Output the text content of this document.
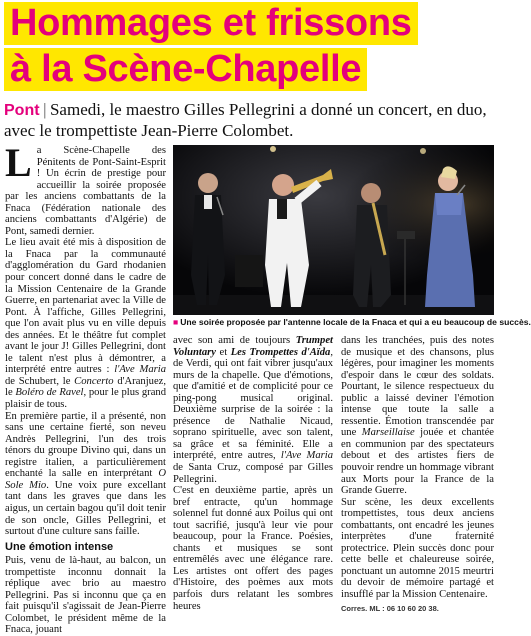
Hommages et frissons
à la Scène-Chapelle
Pont | Samedi, le maestro Gilles Pellegrini a donné un concert, en duo, avec le trompettiste Jean-Pierre Colombet.
■ Une soirée proposée par l'antenne locale de la Fnaca et qui a eu beaucoup de succès.

La Scène-Chapelle des Pénitents de Pont-Saint-Esprit ! Un écrin de prestige pour accueillir la soirée proposée par les anciens combattants de la Fnaca (Fédération nationale des anciens combattants d'Algérie) de Pont, samedi dernier.

Le lieu avait été mis à disposition de la Fnaca par la communauté d'agglomération du Gard rhodanien pour concert donné dans le cadre de la Mission Centenaire de la Grande Guerre, en partenariat avec la Ville de Pont. À l'affiche, Gilles Pellegrini, que l'on avait plus vu en ville depuis des années. Et le théâtre fut complet avant le jour J! Gilles Pellegrini, dont le talent n'est plus à démontrer, a interprété entre autres : l'Ave Maria de Schubert, le Concerto d'Aranjuez, le Boléro de Ravel, pour le plus grand plaisir de tous.

En première partie, il a présenté, non sans une certaine fierté, son neveu Andrès Pellegrini, l'un des trois ténors du groupe Divino qui, dans un registre italien, a particulièrement enchanté la salle en interprétant O Sole Mio. Une voix pure excellant tant dans les graves que dans les aigus, un certain bagou qu'il doit tenir de son oncle, Gilles Pellegrini, et surtout d'une culture sans faille.

Une émotion intense

Puis, venu de là-haut, au balcon, un trompettiste inconnu donnait la réplique avec brio au maestro Pellegrini. Pas si inconnu que ça en fait puisqu'il s'agissait de Jean-Pierre Colombet, le président même de la Fnaca, jouant

avec son ami de toujours Trumpet Voluntary et Les Trompettes d'Aïda, de Verdi, qui ont fait vibrer jusqu'aux murs de la chapelle. Que d'émotions, que d'amitié et de complicité pour ce ping-pong musical original. Deuxième surprise de la soirée : la présence de Nathalie Nicaud, soprano spirituelle, avec son talent, sa grâce et sa féminité. Elle a interprété, entre autres, l'Ave Maria de Santa Cruz, composé par Gilles Pellegrini.

C'est en deuxième partie, après un bref entracte, qu'un hommage solennel fut donné aux Poilus qui ont tout sacrifié, jusqu'à leur vie pour beaucoup, pour la France. Poésies, chants et musiques se sont entremêlés avec une élégance rare. Les artistes ont offert des pages d'Histoire, des poèmes aux mots parfois durs relatant les sombres heures

dans les tranchées, puis des notes de musique et des chansons, plus légères, pour imaginer les moments d'espoir dans le cœur des soldats. Pourtant, le silence respectueux du public a laissé deviner l'émotion intense que toute la salle a ressentie. Émotion transcendée par une Marseillaise jouée et chantée en communion par des spectateurs debout et des artistes fiers de pouvoir rendre un hommage vibrant aux Morts pour la France de la Grande Guerre.

Sur scène, les deux excellents trompettistes, tous deux anciens combattants, ont encadré les jeunes interprètes d'une fraternité protectrice. Plein succès donc pour cette belle et chaleureuse soirée, ponctuant un automne 2015 meurtri du devoir de mémoire partagé et insufflé par la Mission Centenaire.

Corres. ML : 06 10 60 20 38.
